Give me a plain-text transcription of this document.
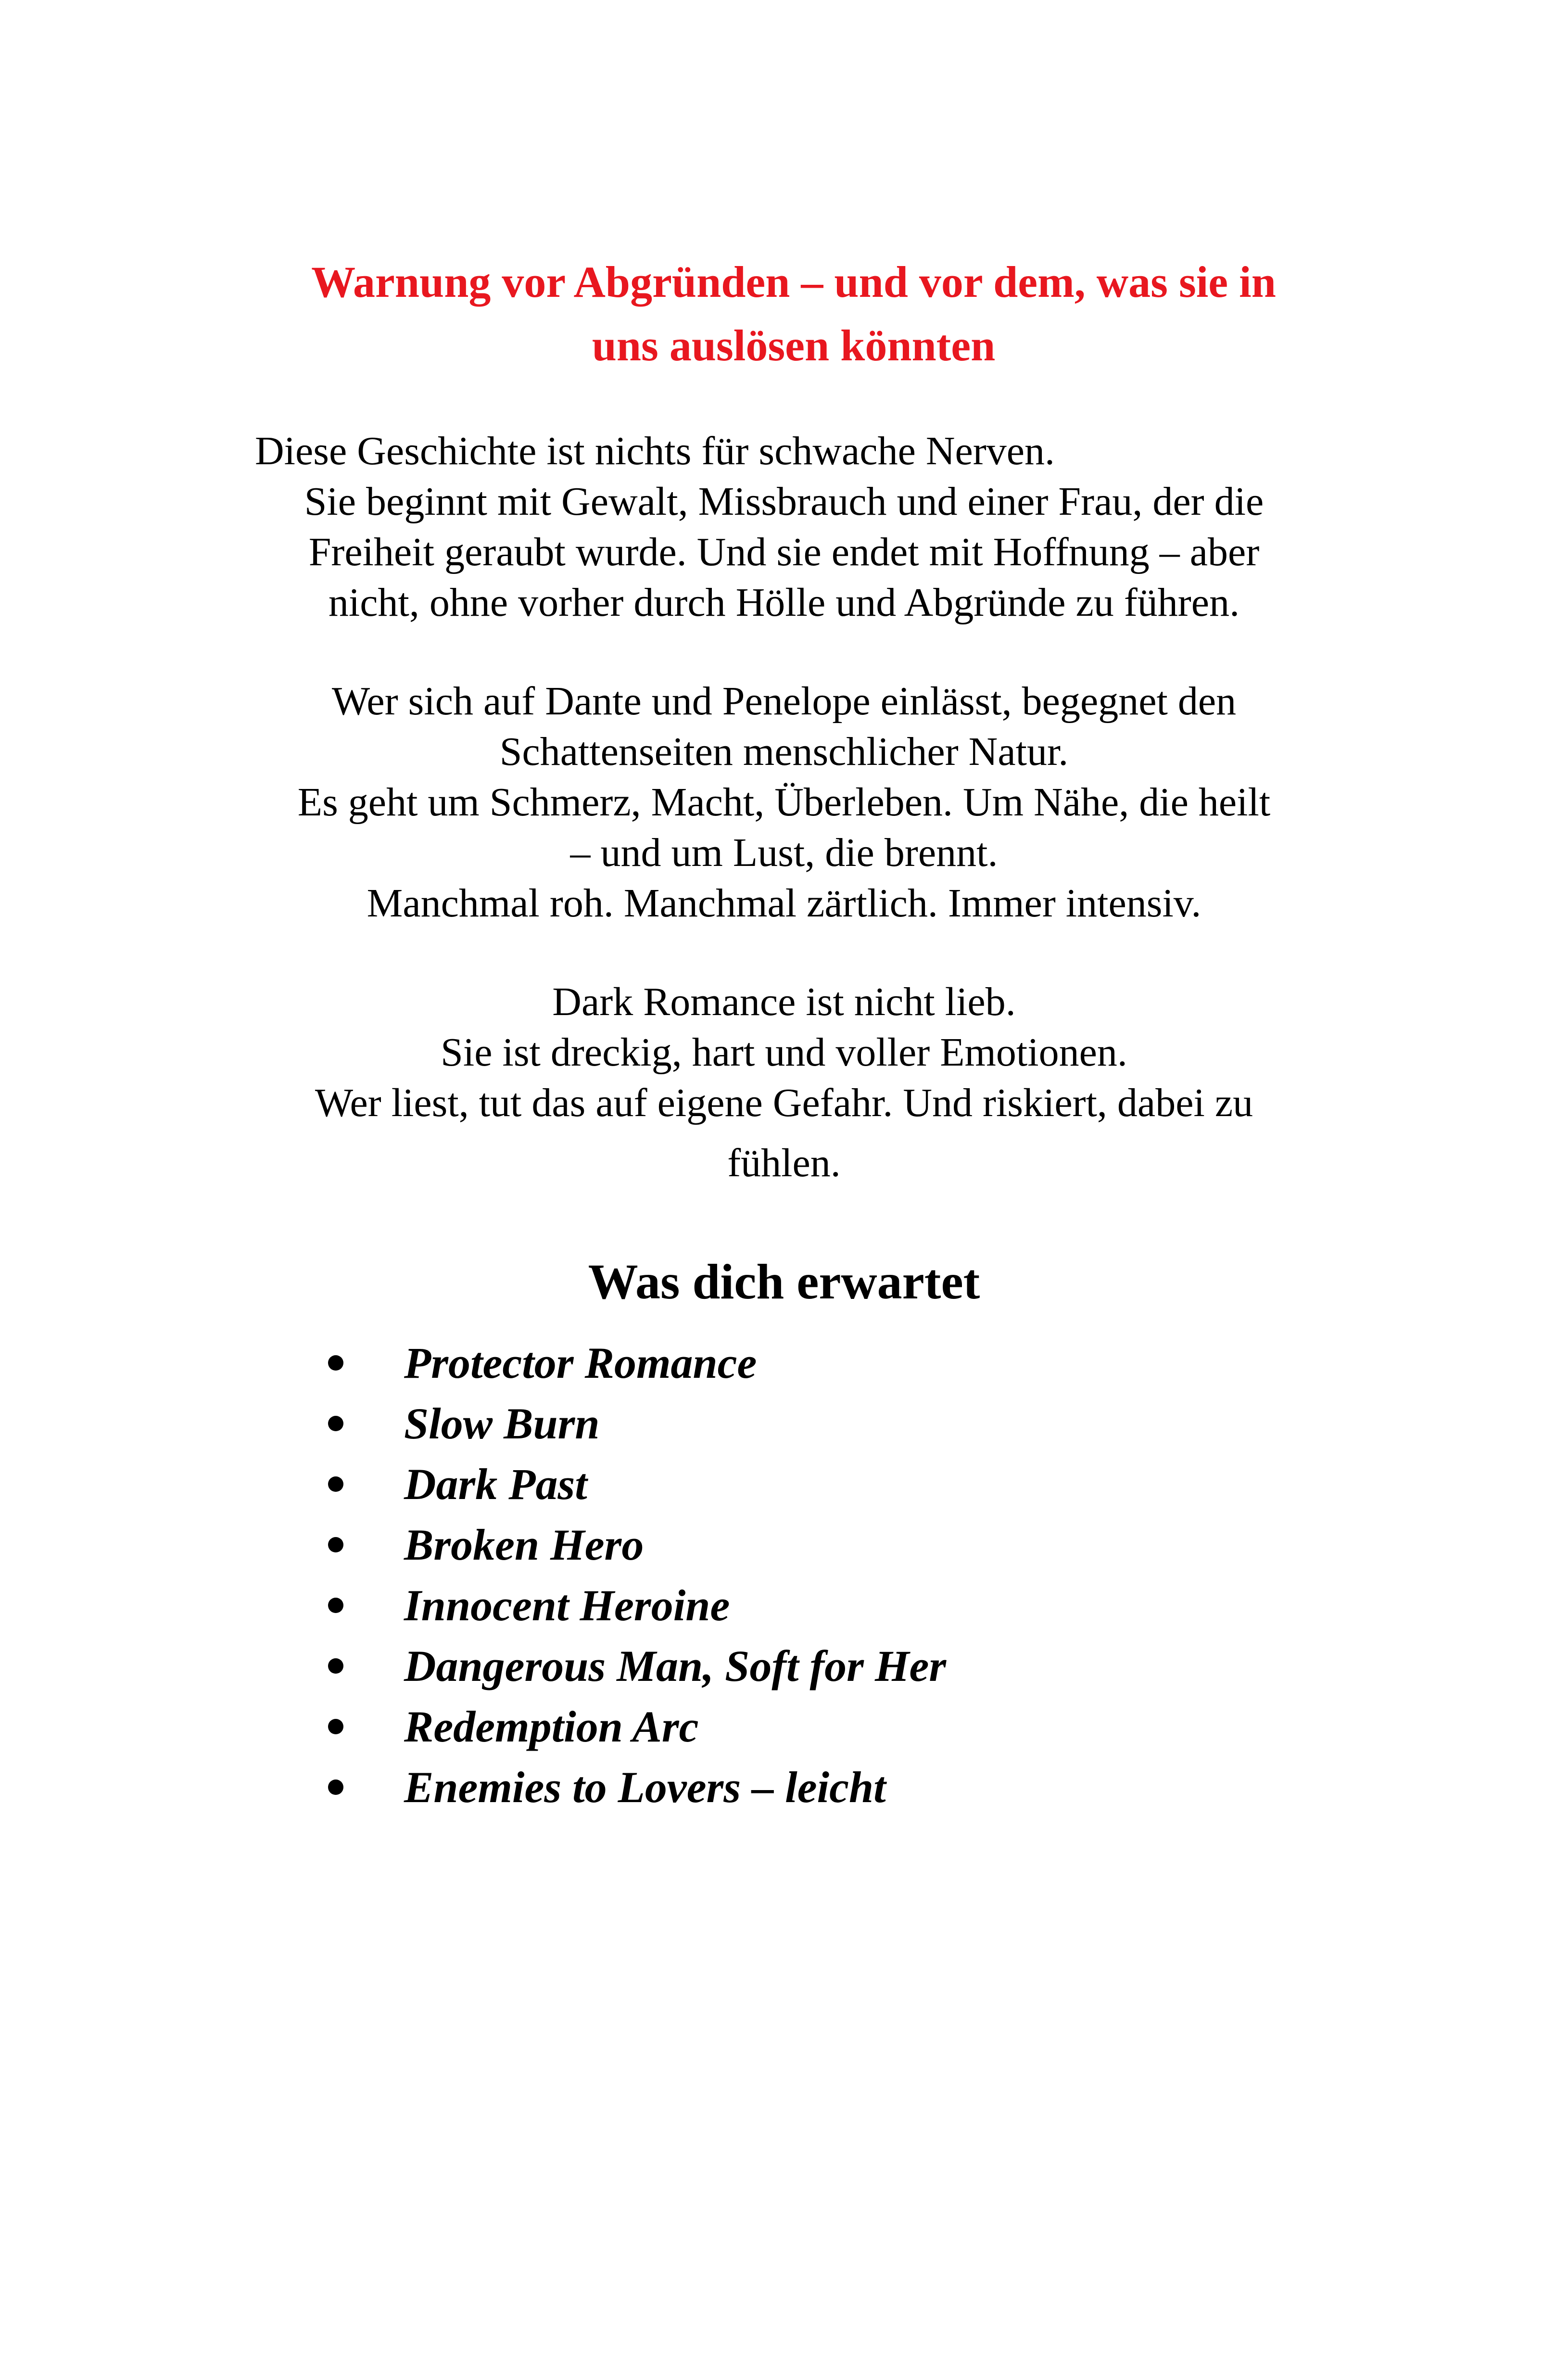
Warnung vor Abgründen – und vor dem, was sie in
uns auslösen könnten
Diese Geschichte ist nichts für schwache Nerven.
Sie beginnt mit Gewalt, Missbrauch und einer Frau, der die
Freiheit geraubt wurde. Und sie endet mit Hoffnung – aber
nicht, ohne vorher durch Hölle und Abgründe zu führen.
Wer sich auf Dante und Penelope einlässt, begegnet den
Schattenseiten menschlicher Natur.
Es geht um Schmerz, Macht, Überleben. Um Nähe, die heilt
– und um Lust, die brennt.
Manchmal roh. Manchmal zärtlich. Immer intensiv.
Dark Romance ist nicht lieb.
Sie ist dreckig, hart und voller Emotionen.
Wer liest, tut das auf eigene Gefahr. Und riskiert, dabei zu
fühlen.
Was dich erwartet
Protector Romance
Slow Burn
Dark Past
Broken Hero
Innocent Heroine
Dangerous Man, Soft for Her
Redemption Arc
Enemies to Lovers – leicht
